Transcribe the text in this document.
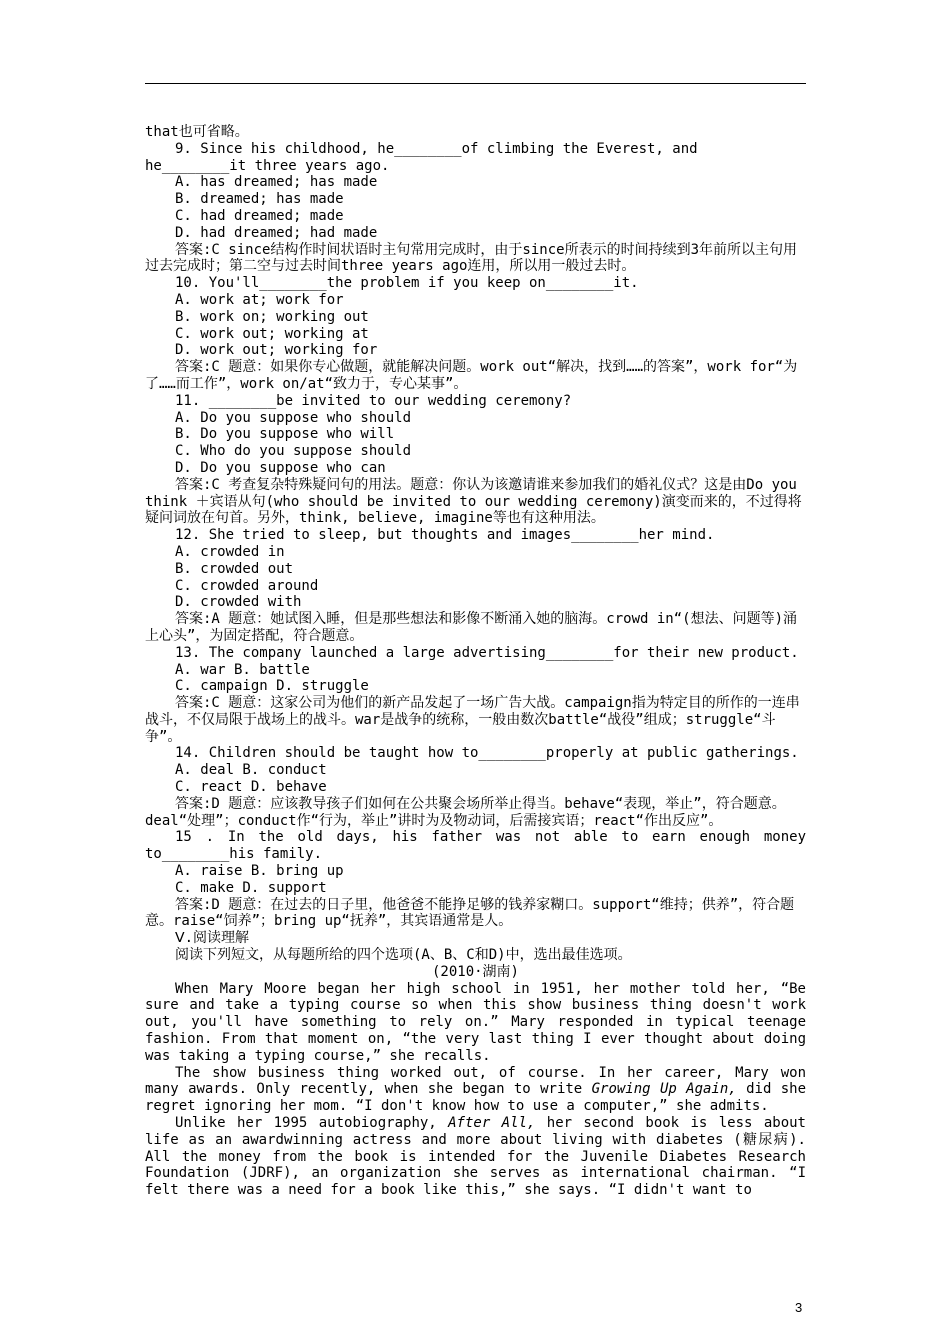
that也可省略。

9. Since his childhood, he________of climbing the Everest, and he________it three years ago.

A. has dreamed; has made

B. dreamed; has made

C. had dreamed; made

D. had dreamed; had made

答案:C since结构作时间状语时主句常用完成时，由于since所表示的时间持续到3年前所以主句用过去完成时；第二空与过去时间three years ago连用，所以用一般过去时。

10. You'll________the problem if you keep on________it.

A. work at; work for

B. work on; working out

C. work out; working at

D. work out; working for

答案:C 题意：如果你专心做题，就能解决问题。work out“解决，找到……的答案”，work for“为了……而工作”，work on/at“致力于，专心某事”。

11. ________be invited to our wedding ceremony?

A. Do you suppose who should

B. Do you suppose who will

C. Who do you suppose should

D. Do you suppose who can

答案:C 考查复杂特殊疑问句的用法。题意：你认为该邀请谁来参加我们的婚礼仪式？这是由Do you think ＋宾语从句(who should be invited to our wedding ceremony)演变而来的，不过得将疑问词放在句首。另外，think, believe, imagine等也有这种用法。

12. She tried to sleep, but thoughts and images________her mind.

A. crowded in

B. crowded out

C. crowded around

D. crowded with

答案:A 题意：她试图入睡，但是那些想法和影像不断涌入她的脑海。crowd in“(想法、问题等)涌上心头”，为固定搭配，符合题意。

13. The company launched a large advertising________for their new product.

A. war B. battle

C. campaign D. struggle

答案:C 题意：这家公司为他们的新产品发起了一场广告大战。campaign指为特定目的所作的一连串战斗，不仅局限于战场上的战斗。war是战争的统称，一般由数次battle“战役”组成；struggle“斗争”。

14. Children should be taught how to________properly at public gatherings.

A. deal B. conduct

C. react D. behave

答案:D 题意：应该教导孩子们如何在公共聚会场所举止得当。behave“表现，举止”，符合题意。deal“处理”；conduct作“行为，举止”讲时为及物动词，后需接宾语；react“作出反应”。

15 . In the old days, his father was not able to earn enough money to________his family.

A. raise B. bring up

C. make D. support

答案:D 题意：在过去的日子里，他爸爸不能挣足够的钱养家糊口。support“维持；供养”，符合题意。raise“饲养”；bring up“抚养”，其宾语通常是人。

Ⅴ.阅读理解

阅读下列短文，从每题所给的四个选项(A、B、C和D)中，选出最佳选项。

(2010·湖南)

When Mary Moore began her high school in 1951, her mother told her, “Be sure and take a typing course so when this show business thing doesn't work out, you'll have something to rely on.” Mary responded in typical teenage fashion. From that moment on, “the very last thing I ever thought about doing was taking a typing course,” she recalls.

The show business thing worked out, of course. In her career, Mary won many awards. Only recently, when she began to write Growing Up Again, did she regret ignoring her mom. “I don't know how to use a computer,” she admits.

Unlike her 1995 autobiography, After All, her second book is less about life as an awardwinning actress and more about living with diabetes (糖尿病). All the money from the book is intended for the Juvenile Diabetes Research Foundation (JDRF), an organization she serves as international chairman. “I felt there was a need for a book like this,” she says. “I didn't want to

3
